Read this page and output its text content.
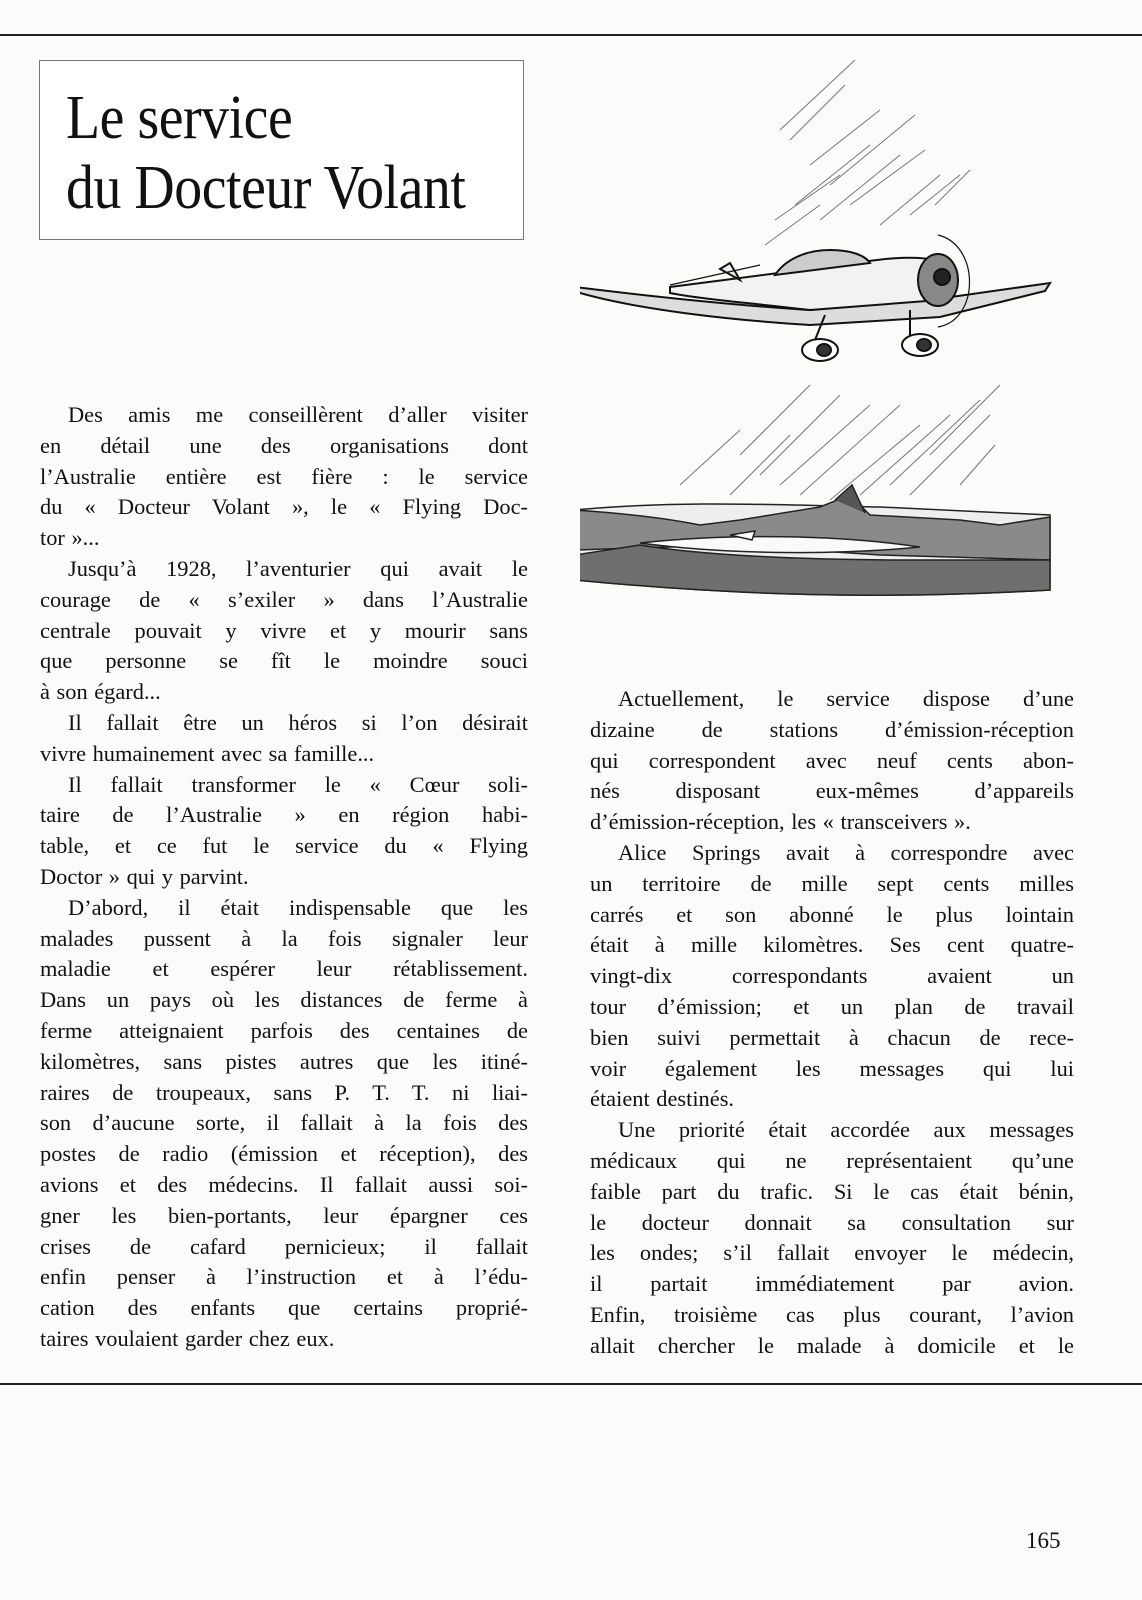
Le service
du Docteur Volant
Des amis me conseillèrent d’aller visiter
en détail une des organisations dont
l’Australie entière est fière : le service
du « Docteur Volant », le « Flying Doc-
tor »...
Jusqu’à 1928, l’aventurier qui avait le
courage de « s’exiler » dans l’Australie
centrale pouvait y vivre et y mourir sans
que personne se fît le moindre souci
à son égard...
Il fallait être un héros si l’on désirait
vivre humainement avec sa famille...
Il fallait transformer le « Cœur soli-
taire de l’Australie » en région habi-
table, et ce fut le service du « Flying
Doctor » qui y parvint.
D’abord, il était indispensable que les
malades pussent à la fois signaler leur
maladie et espérer leur rétablissement.
Dans un pays où les distances de ferme à
ferme atteignaient parfois des centaines de
kilomètres, sans pistes autres que les itiné-
raires de troupeaux, sans P. T. T. ni liai-
son d’aucune sorte, il fallait à la fois des
postes de radio (émission et réception), des
avions et des médecins. Il fallait aussi soi-
gner les bien-portants, leur épargner ces
crises de cafard pernicieux; il fallait
enfin penser à l’instruction et à l’édu-
cation des enfants que certains proprié-
taires voulaient garder chez eux.
Actuellement, le service dispose d’une
dizaine de stations d’émission-réception
qui correspondent avec neuf cents abon-
nés disposant eux-mêmes d’appareils
d’émission-réception, les « transceivers ».
Alice Springs avait à correspondre avec
un territoire de mille sept cents milles
carrés et son abonné le plus lointain
était à mille kilomètres. Ses cent quatre-
vingt-dix correspondants avaient un
tour d’émission; et un plan de travail
bien suivi permettait à chacun de rece-
voir également les messages qui lui
étaient destinés.
Une priorité était accordée aux messages
médicaux qui ne représentaient qu’une
faible part du trafic. Si le cas était bénin,
le docteur donnait sa consultation sur
les ondes; s’il fallait envoyer le médecin,
il partait immédiatement par avion.
Enfin, troisième cas plus courant, l’avion
allait chercher le malade à domicile et le
165
